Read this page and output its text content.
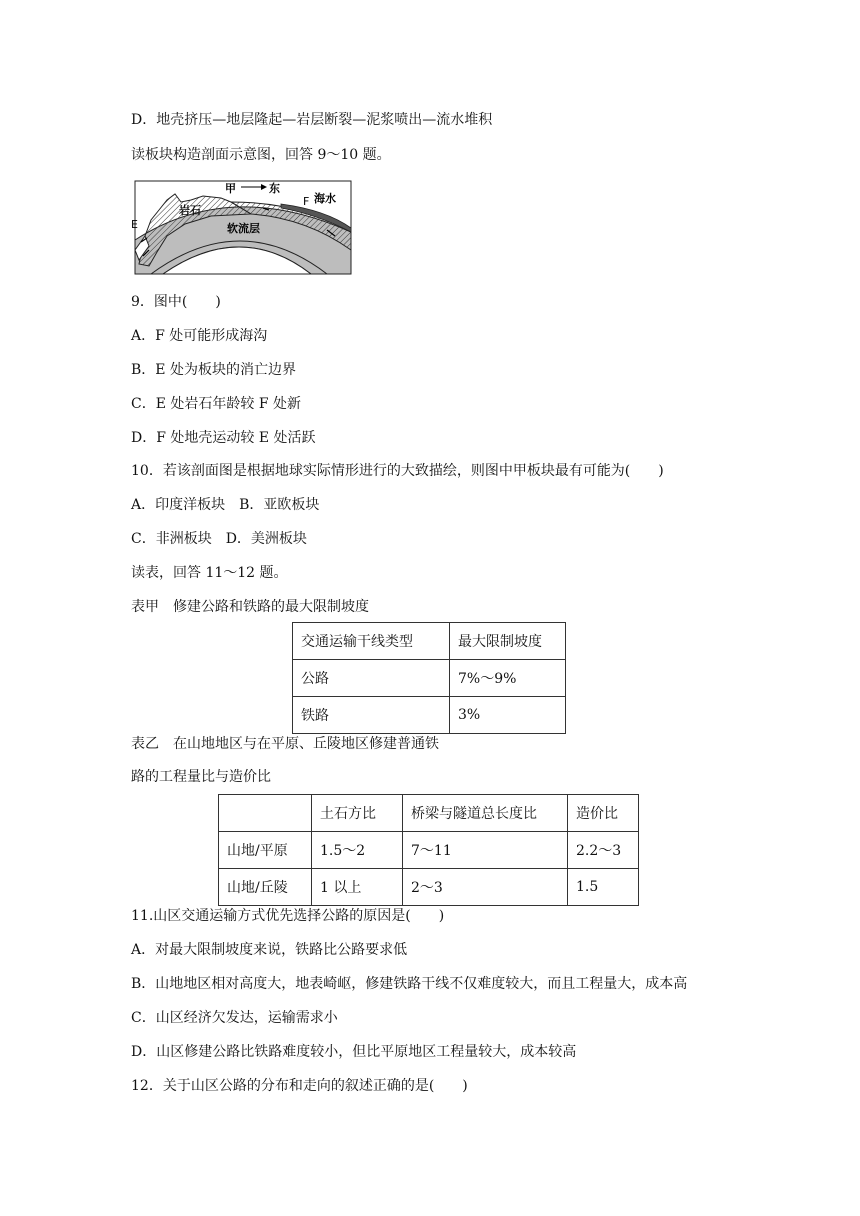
D．地壳挤压—地层隆起—岩层断裂—泥浆喷出—流水堆积
读板块构造剖面示意图，回答 9～10 题。
甲	东
海水
岩石
E
F
软流层
9．图中(　　)
A．F 处可能形成海沟
B．E 处为板块的消亡边界
C．E 处岩石年龄较 F 处新
D．F 处地壳运动较 E 处活跃
10．若该剖面图是根据地球实际情形进行的大致描绘，则图中甲板块最有可能为(　　)
A．印度洋板块　B．亚欧板块
C．非洲板块　D．美洲板块
读表，回答 11～12 题。
表甲　修建公路和铁路的最大限制坡度
交通运输干线类型	最大限制坡度
公路	7%～9%
铁路	3%
表乙　在山地地区与在平原、丘陵地区修建普通铁
路的工程量比与造价比
	土石方比	桥梁与隧道总长度比	造价比
山地/平原	1.5～2	7～11	2.2～3
山地/丘陵	1 以上	2～3	1.5
11.山区交通运输方式优先选择公路的原因是(　　)
A．对最大限制坡度来说，铁路比公路要求低
B．山地地区相对高度大，地表崎岖，修建铁路干线不仅难度较大，而且工程量大，成本高
C．山区经济欠发达，运输需求小
D．山区修建公路比铁路难度较小，但比平原地区工程量较大，成本较高
12．关于山区公路的分布和走向的叙述正确的是(　　)
